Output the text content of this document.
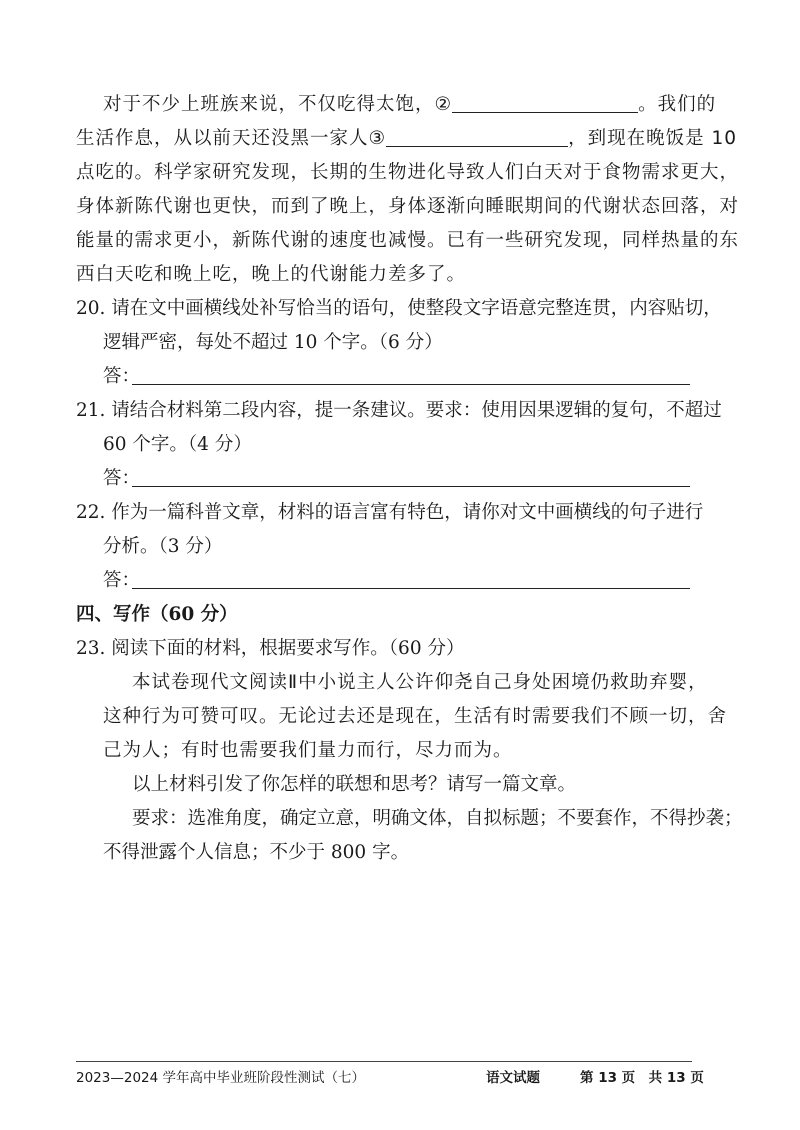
对于不少上班族来说，不仅吃得太饱，②	。我们的
生活作息，从以前天还没黑一家人③	，到现在晚饭是 10
点吃的。科学家研究发现，长期的生物进化导致人们白天对于食物需求更大，
身体新陈代谢也更快，而到了晚上，身体逐渐向睡眠期间的代谢状态回落，对
能量的需求更小，新陈代谢的速度也减慢。已有一些研究发现，同样热量的东
西白天吃和晚上吃，晚上的代谢能力差多了。
20. 请在文中画横线处补写恰当的语句，使整段文字语意完整连贯，内容贴切，
逻辑严密，每处不超过 10 个字。（6 分）
答：
21. 请结合材料第二段内容，提一条建议。要求：使用因果逻辑的复句，不超过
60 个字。（4 分）
答：
22. 作为一篇科普文章，材料的语言富有特色，请你对文中画横线的句子进行
分析。（3 分）
答：
四、写作（60 分）
23. 阅读下面的材料，根据要求写作。（60 分）
本试卷现代文阅读Ⅱ中小说主人公许仰尧自己身处困境仍救助弃婴，
这种行为可赞可叹。无论过去还是现在，生活有时需要我们不顾一切，舍
己为人；有时也需要我们量力而行，尽力而为。
以上材料引发了你怎样的联想和思考？请写一篇文章。
要求：选准角度，确定立意，明确文体，自拟标题；不要套作，不得抄袭；
不得泄露个人信息；不少于 800 字。
2023—2024 学年高中毕业班阶段性测试（七）	语文试题	第 13 页　共 13 页
